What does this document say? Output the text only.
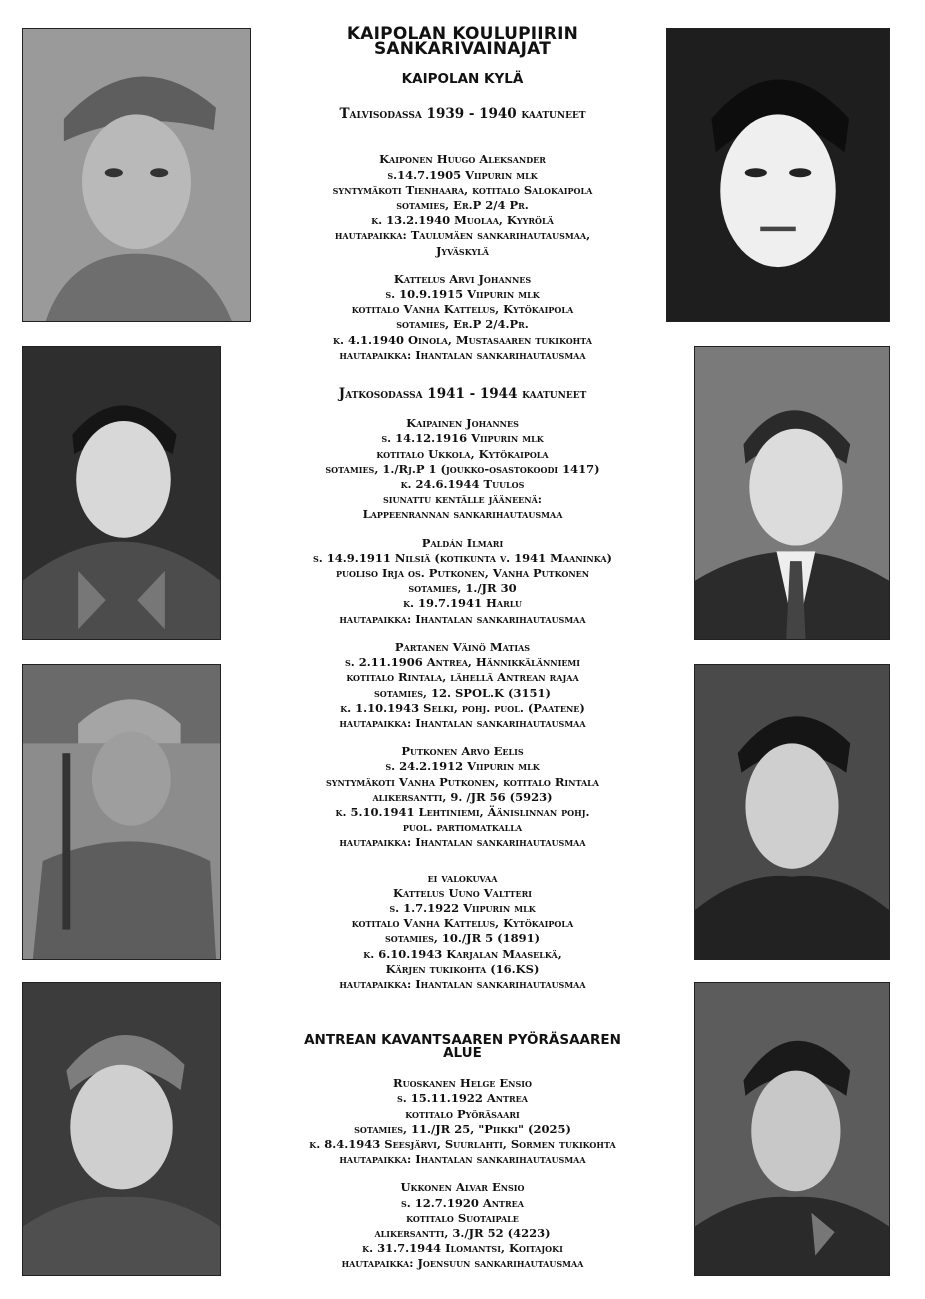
KAIPOLAN KOULUPIIRIN
SANKARIVAINAJAT
KAIPOLAN KYLÄ
Talvisodassa 1939 - 1940 kaatuneet
Kaiponen Huugo Aleksander
s.14.7.1905 Viipurin mlk
syntymäkoti Tienhaara, kotitalo Salokaipola
sotamies, Er.P 2/4 Pr.
k. 13.2.1940 Muolaa, Kyyrölä
hautapaikka: Taulumäen sankarihautausmaa,
Jyväskylä
Kattelus Arvi Johannes
s. 10.9.1915 Viipurin mlk
kotitalo Vanha Kattelus, Kytökaipola
sotamies, Er.P 2/4.Pr.
k. 4.1.1940 Oinola, Mustasaaren tukikohta
hautapaikka: Ihantalan sankarihautausmaa
Jatkosodassa 1941 - 1944 kaatuneet
Kaipainen Johannes
s. 14.12.1916 Viipurin mlk
kotitalo Ukkola, Kytökaipola
sotamies, 1./Rj.P 1 (joukko-osastokoodi 1417)
k. 24.6.1944 Tuulos
siunattu kentälle jääneenä:
Lappeenrannan sankarihautausmaa
Paldán Ilmari
s. 14.9.1911 Nilsiä (kotikunta v. 1941 Maaninka)
puoliso Irja os. Putkonen, Vanha Putkonen
sotamies, 1./JR 30
k. 19.7.1941 Harlu
hautapaikka: Ihantalan sankarihautausmaa
Partanen Väinö Matias
s. 2.11.1906 Antrea, Hännikkälänniemi
kotitalo Rintala, lähellä Antrean rajaa
sotamies, 12. SPOL.K (3151)
k. 1.10.1943 Selki, pohj. puol. (Paatene)
hautapaikka: Ihantalan sankarihautausmaa
Putkonen Arvo Eelis
s. 24.2.1912 Viipurin mlk
syntymäkoti Vanha Putkonen, kotitalo Rintala
alikersantti, 9. /JR 56 (5923)
k. 5.10.1941 Lehtiniemi, Äänislinnan pohj.
puol. partiomatkalla
hautapaikka: Ihantalan sankarihautausmaa
ei valokuvaa
Kattelus Uuno Valtteri
s. 1.7.1922 Viipurin mlk
kotitalo Vanha Kattelus, Kytökaipola
sotamies, 10./JR 5 (1891)
k. 6.10.1943 Karjalan Maaselkä,
Kärjen tukikohta (16.KS)
hautapaikka: Ihantalan sankarihautausmaa
ANTREAN KAVANTSAAREN PYÖRÄSAAREN
ALUE
Ruoskanen Helge Ensio
s. 15.11.1922 Antrea
kotitalo Pyöräsaari
sotamies, 11./JR 25, "Piikki" (2025)
k. 8.4.1943 Seesjärvi, Suurlahti, Sormen tukikohta
hautapaikka: Ihantalan sankarihautausmaa
Ukkonen Alvar Ensio
s. 12.7.1920 Antrea
kotitalo Suotaipale
alikersantti, 3./JR 52 (4223)
k. 31.7.1944 Ilomantsi, Koitajoki
hautapaikka: Joensuun sankarihautausmaa
